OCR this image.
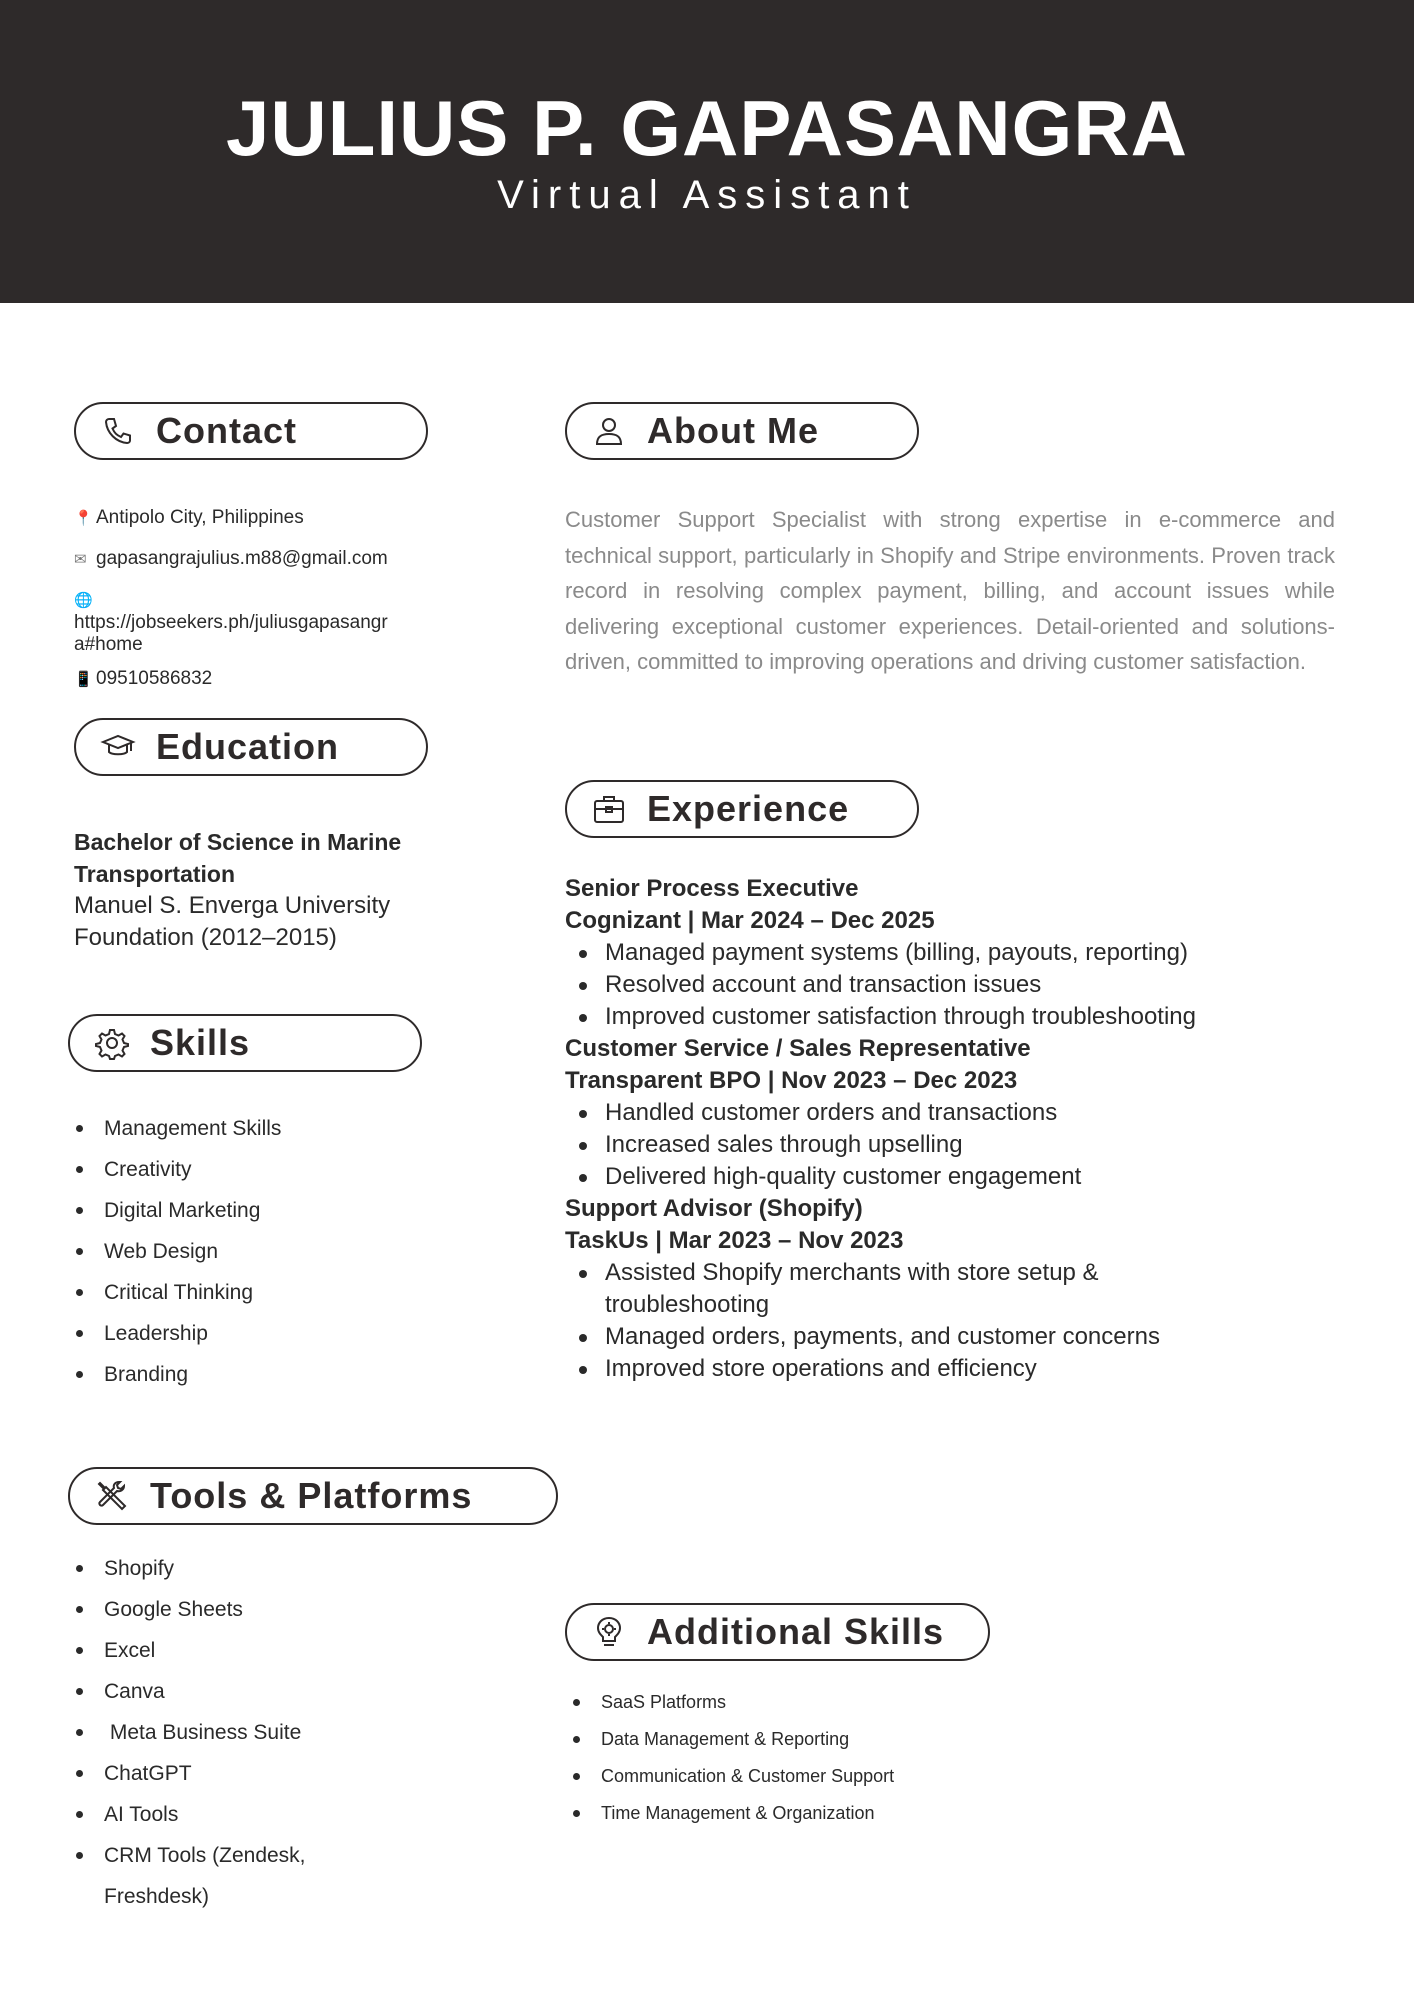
JULIUS P. GAPASANGRA
Virtual Assistant
Contact
📍 Antipolo City, Philippines
✉ gapasangrajulius.m88@gmail.com
🌐
https://jobseekers.ph/juliusgapasangr
a#home
📱 09510586832
Education
Bachelor of Science in Marine Transportation
Manuel S. Enverga University Foundation (2012–2015)
Skills
Management Skills
Creativity
Digital Marketing
Web Design
Critical Thinking
Leadership
Branding
Tools & Platforms
Shopify
Google Sheets
Excel
Canva
Meta Business Suite
ChatGPT
AI Tools
CRM Tools (Zendesk, Freshdesk)
About Me
Customer Support Specialist with strong expertise in e-commerce and technical support, particularly in Shopify and Stripe environments. Proven track record in resolving complex payment, billing, and account issues while delivering exceptional customer experiences. Detail-oriented and solutions-driven, committed to improving operations and driving customer satisfaction.
Experience
Senior Process Executive
Cognizant | Mar 2024 – Dec 2025
Managed payment systems (billing, payouts, reporting)
Resolved account and transaction issues
Improved customer satisfaction through troubleshooting
Customer Service / Sales Representative
Transparent BPO | Nov 2023 – Dec 2023
Handled customer orders and transactions
Increased sales through upselling
Delivered high-quality customer engagement
Support Advisor (Shopify)
TaskUs | Mar 2023 – Nov 2023
Assisted Shopify merchants with store setup & troubleshooting
Managed orders, payments, and customer concerns
Improved store operations and efficiency
Additional Skills
SaaS Platforms
Data Management & Reporting
Communication & Customer Support
Time Management & Organization
